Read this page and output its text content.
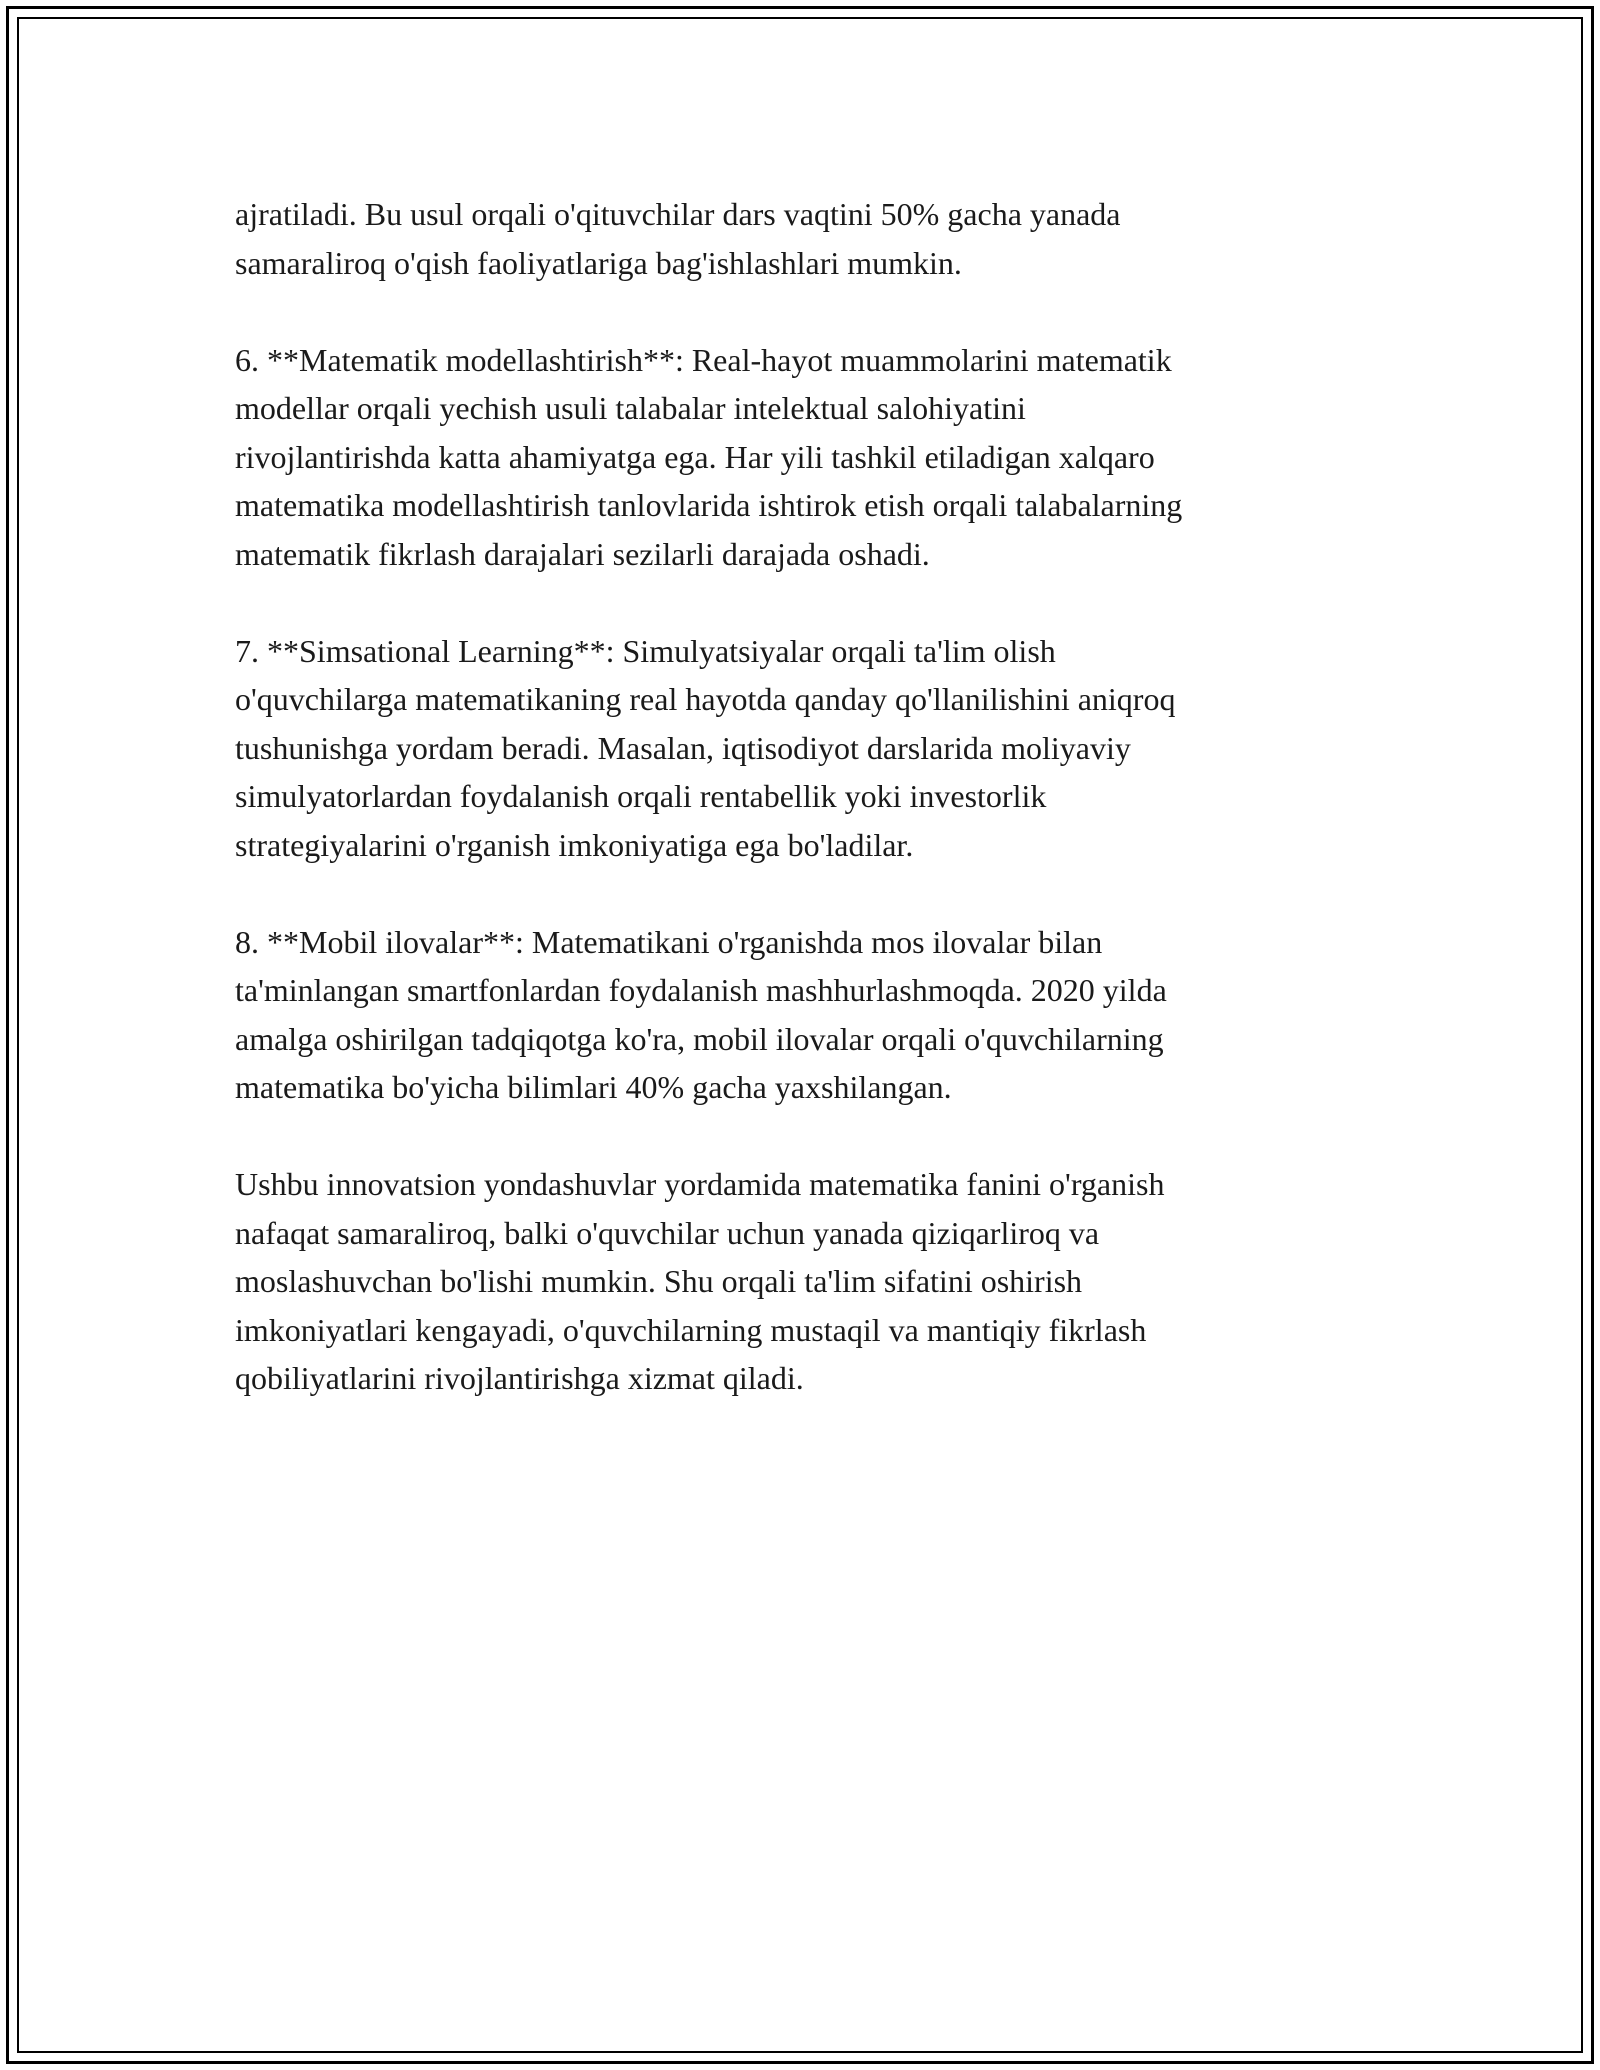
ajratiladi. Bu usul orqali o'qituvchilar dars vaqtini 50% gacha yanada
samaraliroq o'qish faoliyatlariga bag'ishlashlari mumkin.

6. **Matematik modellashtirish**: Real-hayot muammolarini matematik
modellar orqali yechish usuli talabalar intelektual salohiyatini
rivojlantirishda katta ahamiyatga ega. Har yili tashkil etiladigan xalqaro
matematika modellashtirish tanlovlarida ishtirok etish orqali talabalarning
matematik fikrlash darajalari sezilarli darajada oshadi.

7. **Simsational Learning**: Simulyatsiyalar orqali ta'lim olish
o'quvchilarga matematikaning real hayotda qanday qo'llanilishini aniqroq
tushunishga yordam beradi. Masalan, iqtisodiyot darslarida moliyaviy
simulyatorlardan foydalanish orqali rentabellik yoki investorlik
strategiyalarini o'rganish imkoniyatiga ega bo'ladilar.

8. **Mobil ilovalar**: Matematikani o'rganishda mos ilovalar bilan
ta'minlangan smartfonlardan foydalanish mashhurlashmoqda. 2020 yilda
amalga oshirilgan tadqiqotga ko'ra, mobil ilovalar orqali o'quvchilarning
matematika bo'yicha bilimlari 40% gacha yaxshilangan.

Ushbu innovatsion yondashuvlar yordamida matematika fanini o'rganish
nafaqat samaraliroq, balki o'quvchilar uchun yanada qiziqarliroq va
moslashuvchan bo'lishi mumkin. Shu orqali ta'lim sifatini oshirish
imkoniyatlari kengayadi, o'quvchilarning mustaqil va mantiqiy fikrlash
qobiliyatlarini rivojlantirishga xizmat qiladi.
